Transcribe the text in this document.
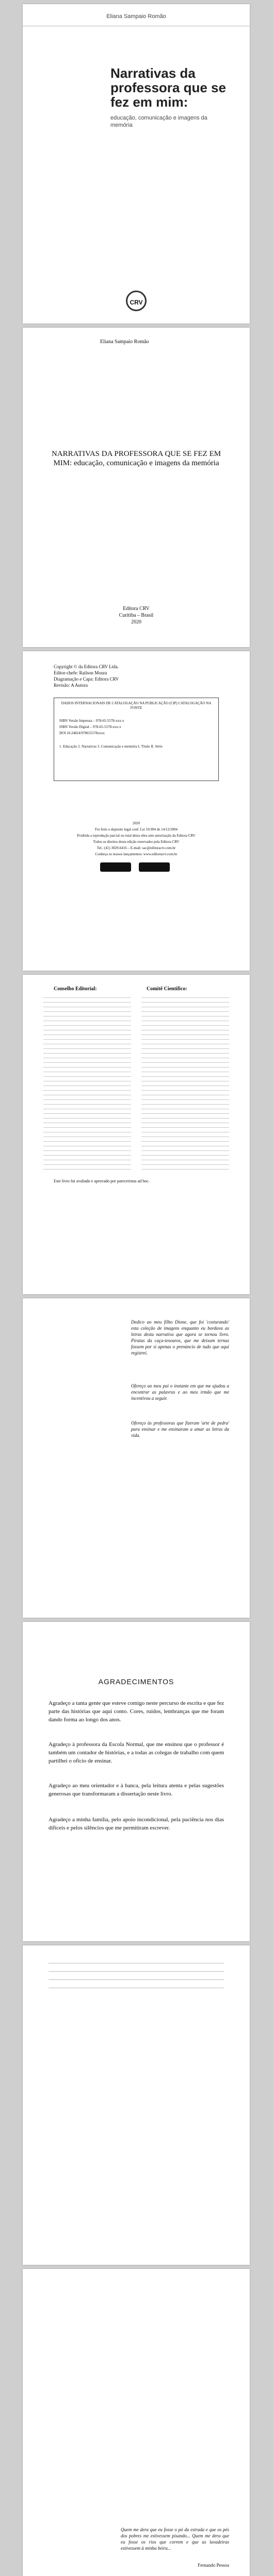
Eliana Sampaio Romão
Narrativas da professora que se fez em mim:
educação, comunicação e imagens da memória
CRV
Eliana Sampaio Romão
NARRATIVAS DA PROFESSORA QUE SE FEZ EM MIM: educação, comunicação e imagens da memória
Editora CRV
Curitiba – Brasil
2020
Copyright © da Editora CRV Ltda.
Editor-chefe: Railson Moura
Diagramação e Capa: Editora CRV
Revisão: A Autora
DADOS INTERNACIONAIS DE CATALOGAÇÃO NA PUBLICAÇÃO (CIP) CATALOGAÇÃO NA FONTE
ISBN Versão Impressa – 978-65-5578-xxx-x
ISBN Versão Digital – 978-65-5578-xxx-x
DOI 10.24824/978655578xxxx
1. Educação 2. Narrativas 3. Comunicação e memória I. Título II. Série
2020
Foi feito o depósito legal conf. Lei 10.994 de 14/12/2004
Proibida a reprodução parcial ou total desta obra sem autorização da Editora CRV
Todos os direitos desta edição reservados pela Editora CRV
Tel.: (41) 3029-6416 – E-mail: sac@editoracrv.com.br
Conheça os nossos lançamentos: www.editoracrv.com.br
Conselho Editorial:	Comitê Científico:
Este livro foi avaliado e aprovado por pareceristas ad hoc.
Dedico ao meu filho Dione, que foi 'costurando' esta coleção de imagens enquanto eu bordava as letras desta narrativa que agora se tornou livro. Piratas da caça-tesouros, que me deixam ternas fossem por si apenas o prenúncio de tudo que aqui registrei.
Ofereço ao meu pai o instante em que me ajudou a encontrar as palavras e ao meu irmão que me incentivou a seguir.
Ofereço às professoras que fizeram 'arte de pedra' para ensinar e me ensinaram a amar as letras da vida.
AGRADECIMENTOS
Agradeço a tanta gente que esteve comigo neste percurso de escrita e que fez parte das histórias que aqui conto. Cores, ruídos, lembranças que me foram dando forma ao longo dos anos.
Agradeço à professora da Escola Normal, que me ensinou que o professor é também um contador de histórias, e a todas as colegas de trabalho com quem partilhei o ofício de ensinar.
Agradeço ao meu orientador e à banca, pela leitura atenta e pelas sugestões generosas que transformaram a dissertação neste livro.
Agradeço a minha família, pelo apoio incondicional, pela paciência nos dias difíceis e pelos silêncios que me permitiram escrever.
Quem me dera que eu fosse o pó da estrada e que os pés dos pobres me estivessem pisando... Quem me dera que eu fosse os rios que correm e que as lavadeiras estivessem à minha beira...
Fernando Pessoa
